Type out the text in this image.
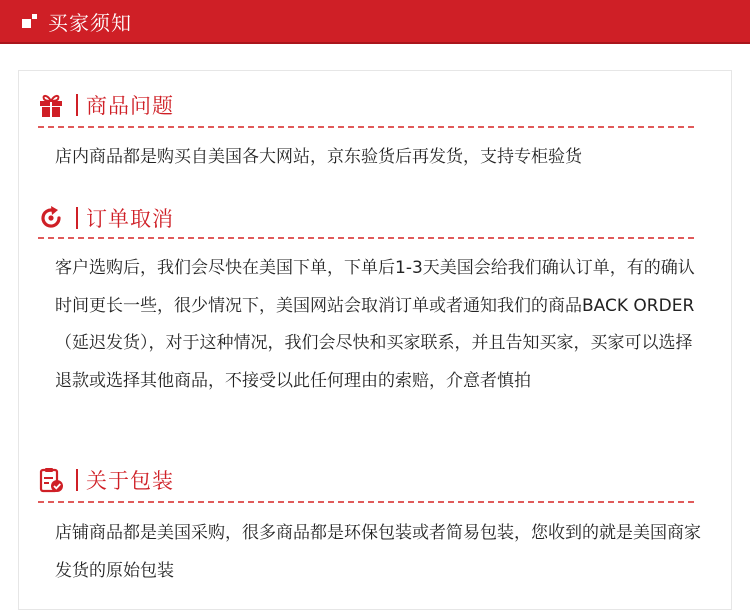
买家须知
商品问题
店内商品都是购买自美国各大网站，京东验货后再发货，支持专柜验货
订单取消
客户选购后，我们会尽快在美国下单，下单后1-3天美国会给我们确认订单，有的确认时间更长一些，很少情况下，美国网站会取消订单或者通知我们的商品BACK ORDER（延迟发货），对于这种情况，我们会尽快和买家联系，并且告知买家，买家可以选择退款或选择其他商品，不接受以此任何理由的索赔，介意者慎拍
关于包装
店铺商品都是美国采购，很多商品都是环保包装或者简易包装，您收到的就是美国商家发货的原始包装
